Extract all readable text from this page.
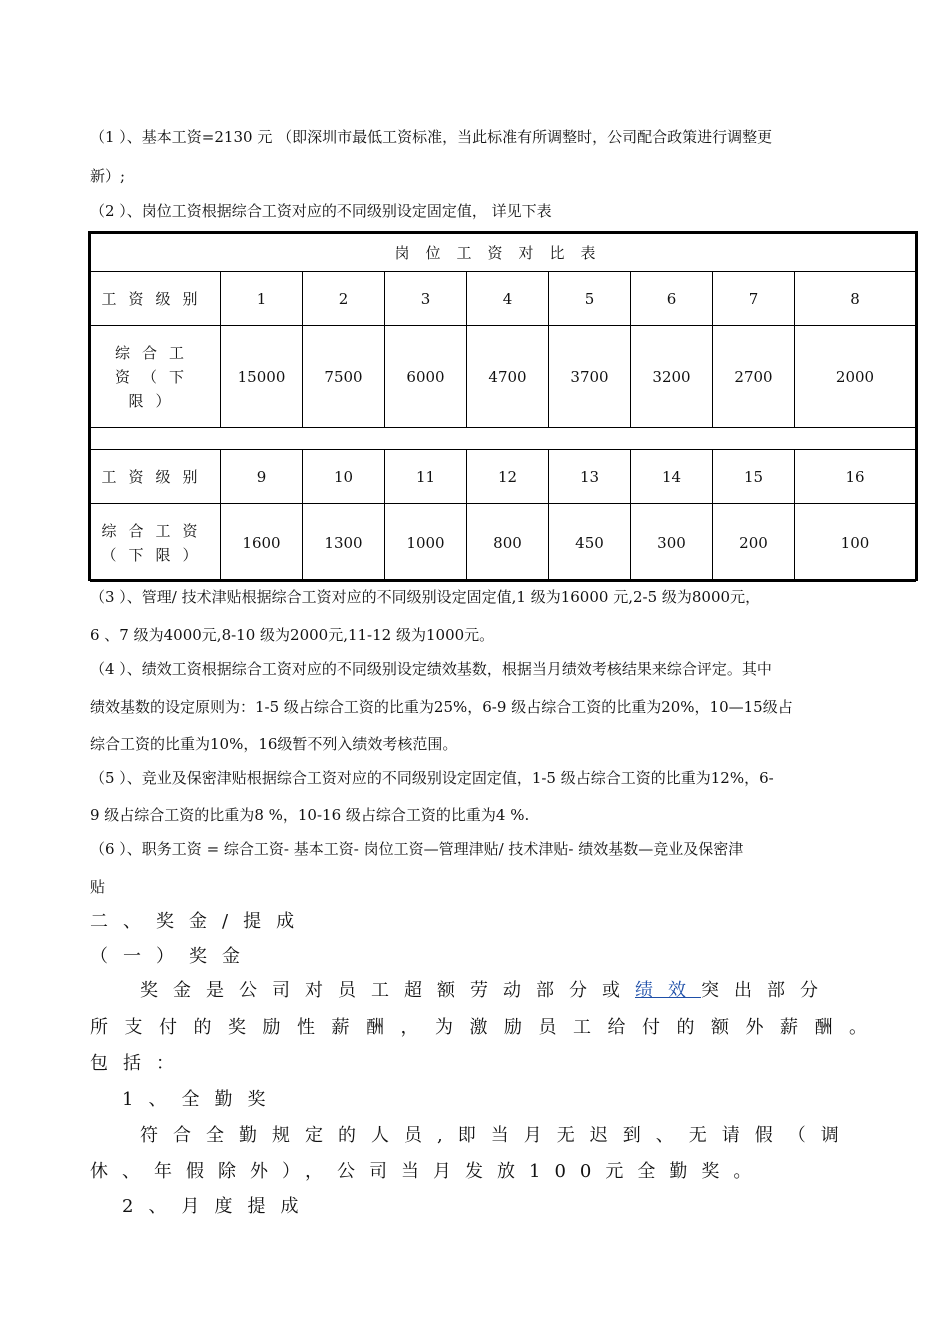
（1 ）、基本工资=2130 元 （即深圳市最低工资标准，当此标准有所调整时，公司配合政策进行调整更
新）;
（2 ）、岗位工资根据综合工资对应的不同级别设定固定值， 详见下表
岗位工资对比表								
工资级别	1	2	3	4	5	6	7	8
综合工资（下限）	15000	7500	6000	4700	3700	3200	2700	2000

工资级别	9	10	11	12	13	14	15	16
综合工资（下限）	1600	1300	1000	800	450	300	200	100
（3 ）、管理/ 技术津贴根据综合工资对应的不同级别设定固定值,1 级为16000 元,2-5 级为8000元，
6 、7 级为4000元,8-10 级为2000元,11-12 级为1000元。
（4 ）、绩效工资根据综合工资对应的不同级别设定绩效基数，根据当月绩效考核结果来综合评定。其中
绩效基数的设定原则为：1-5 级占综合工资的比重为25%，6-9 级占综合工资的比重为20%，10—15级占
综合工资的比重为10%，16级暂不列入绩效考核范围。
（5 ）、竞业及保密津贴根据综合工资对应的不同级别设定固定值，1-5 级占综合工资的比重为12%，6-
9 级占综合工资的比重为8 %，10-16 级占综合工资的比重为4 %.
（6 ）、职务工资 = 综合工资- 基本工资- 岗位工资—管理津贴/ 技术津贴- 绩效基数—竞业及保密津
贴
二、奖金/提成
（一）奖金
奖金是公司对员工超额劳动部分或绩效突出部分
所支付的奖励性薪酬，为激励员工给付的额外薪酬。
包括：
1、全勤奖
符合全勤规定的人员,即当月无迟到、无请假（调
休、年假除外），公司当月发放100元全勤奖。
2、月度提成
